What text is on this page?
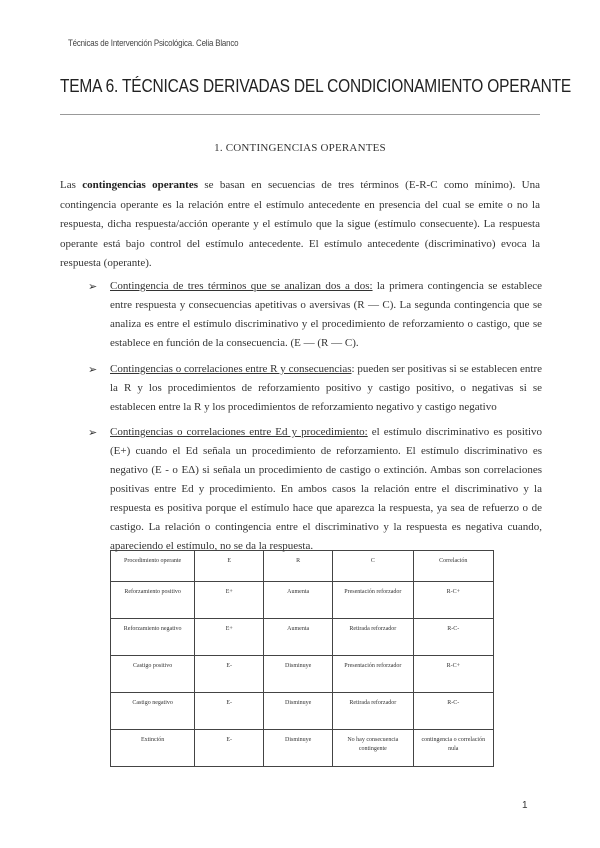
Técnicas de Intervención Psicológica. Celia Blanco
TEMA 6. TÉCNICAS DERIVADAS DEL CONDICIONAMIENTO OPERANTE
1. CONTINGENCIAS OPERANTES
Las contingencias operantes se basan en secuencias de tres términos (E-R-C como mínimo). Una contingencia operante es la relación entre el estímulo antecedente en presencia del cual se emite o no la respuesta, dicha respuesta/acción operante y el estímulo que la sigue (estímulo consecuente). La respuesta operante está bajo control del estímulo antecedente. El estímulo antecedente (discriminativo) evoca la respuesta (operante).
➢ Contingencia de tres términos que se analizan dos a dos: la primera contingencia se establece entre respuesta y consecuencias apetitivas o aversivas (R — C). La segunda contingencia que se analiza es entre el estímulo discriminativo y el procedimiento de reforzamiento o castigo, que se establece en función de la consecuencia. (E — (R — C).
➢ Contingencias o correlaciones entre R y consecuencias: pueden ser positivas si se establecen entre la R y los procedimientos de reforzamiento positivo y castigo positivo, o negativas si se establecen entre la R y los procedimientos de reforzamiento negativo y castigo negativo
➢ Contingencias o correlaciones entre Ed y procedimiento: el estímulo discriminativo es positivo (E+) cuando el Ed señala un procedimiento de reforzamiento. El estímulo discriminativo es negativo (E - o EΔ) si señala un procedimiento de castigo o extinción. Ambas son correlaciones positivas entre Ed y procedimiento. En ambos casos la relación entre el discriminativo y la respuesta es positiva porque el estímulo hace que aparezca la respuesta, ya sea de refuerzo o de castigo. La relación o contingencia entre el discriminativo y la respuesta es negativa cuando, apareciendo el estímulo, no se da la respuesta.
Procedimiento operante	E	R	C	Correlación
Reforzamiento positivo	E+	Aumenta	Presentación reforzador	R-C+
Reforzamiento negativo	E+	Aumenta	Retirada reforzador	R-C-
Castigo positivo	E-	Disminuye	Presentación reforzador	R-C+
Castigo negativo	E-	Disminuye	Retirada reforzador	R-C-
Extinción	E-	Disminuye	No hay consecuencia contingente	contingencia o correlación nula
1
